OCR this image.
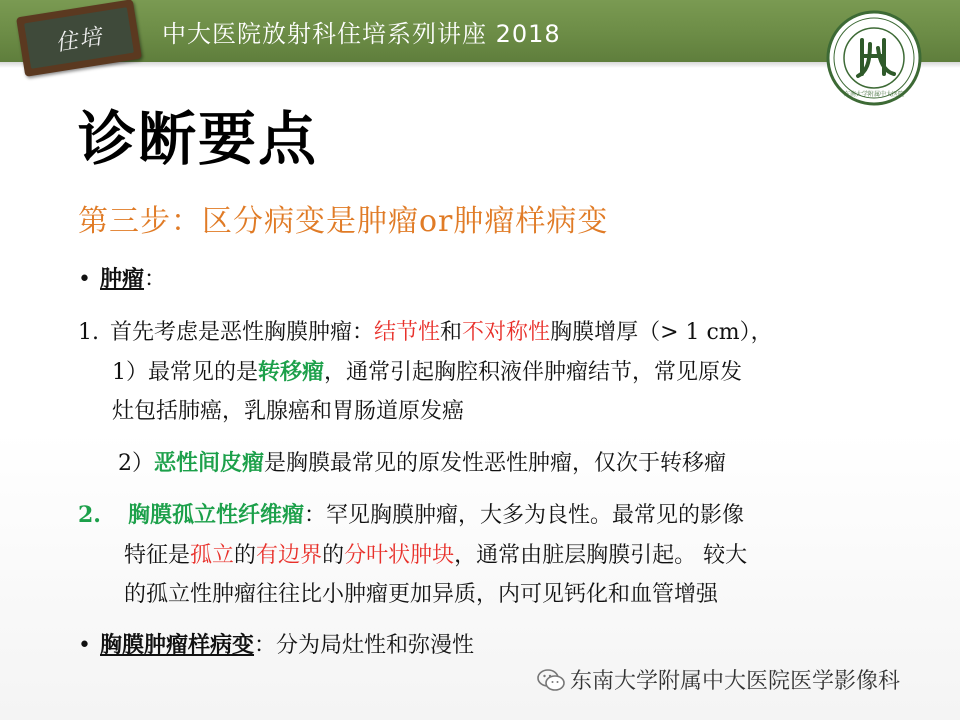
住培	中大医院放射科住培系列讲座 2018
东南大学附属中大医院
诊断要点
第三步：区分病变是肿瘤or肿瘤样病变
• 肿瘤：
1. 首先考虑是恶性胸膜肿瘤：结节性和不对称性胸膜增厚（> 1 cm），
1）最常见的是转移瘤，通常引起胸腔积液伴肿瘤结节，常见原发
灶包括肺癌，乳腺癌和胃肠道原发癌
2）恶性间皮瘤是胸膜最常见的原发性恶性肿瘤，仅次于转移瘤
2. 胸膜孤立性纤维瘤：罕见胸膜肿瘤，大多为良性。最常见的影像
特征是孤立的有边界的分叶状肿块，通常由脏层胸膜引起。 较大
的孤立性肿瘤往往比小肿瘤更加异质，内可见钙化和血管增强
• 胸膜肿瘤样病变：分为局灶性和弥漫性
东南大学附属中大医院医学影像科
